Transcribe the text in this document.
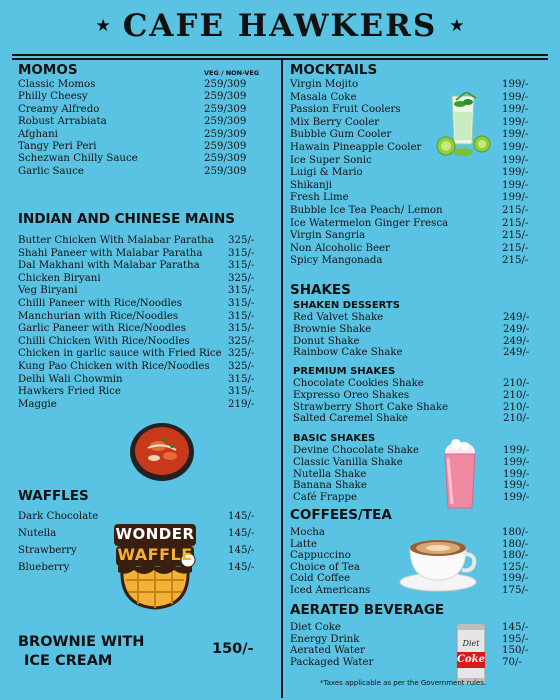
★ CAFE HAWKERS ★
MOMOS	VEG / NON-VEG
Classic Momos	259/309
Philly Cheesy	259/309
Creamy Alfredo	259/309
Robust Arrabiata	259/309
Afghani	259/309
Tangy Peri Peri	259/309
Schezwan Chilly Sauce	259/309
Garlic Sauce	259/309
INDIAN AND CHINESE MAINS
Butter Chicken With Malabar Paratha 325/-
Shahi Paneer with Malabar Paratha	315/-
Dal Makhani with Malabar Paratha	315/-
Chicken Biryani	325/-
Veg Biryani	315/-
Chilli Paneer with Rice/Noodles	315/-
Manchurian with Rice/Noodles	315/-
Garlic Paneer with Rice/Noodles	315/-
Chilli Chicken With Rice/Noodles	325/-
Chicken in garlic sauce with Fried Rice 325/-
Kung Pao Chicken with Rice/Noodles 325/-
Delhi Wali Chowmin	315/-
Hawkers Fried Rice	315/-
Maggie	219/-
WAFFLES
Dark Chocolate	145/-
Nutella	145/-
Strawberry	145/-
Blueberry	145/-
WONDER
WAFFLE
BROWNIE WITH
ICE CREAM
150/-
MOCKTAILS
Virgin Mojito	199/-
Masala Coke	199/-
Passion Fruit Coolers	199/-
Mix Berry Cooler	199/-
Bubble Gum Cooler	199/-
Hawain Pineapple Cooler	199/-
Ice Super Sonic	199/-
Luigi & Mario	199/-
Shikanji	199/-
Fresh Lime	199/-
Bubble Ice Tea Peach/ Lemon	215/-
Ice Watermelon Ginger Fresca	215/-
Virgin Sangria	215/-
Non Alcoholic Beer	215/-
Spicy Mangonada	215/-
SHAKES
SHAKEN DESSERTS
Red Valvet Shake	249/-
Brownie Shake	249/-
Donut Shake	249/-
Rainbow Cake Shake	249/-
PREMIUM SHAKES
Chocolate Cookies Shake	210/-
Expresso Oreo Shakes	210/-
Strawberry Short Cake Shake	210/-
Salted Caremel Shake	210/-
BASIC SHAKES
Devine Chocolate Shake	199/-
Classic Vanilla Shake	199/-
Nutella Shake	199/-
Banana Shake	199/-
Café Frappe	199/-
COFFEES/TEA
Mocha	180/-
Latte	180/-
Cappuccino	180/-
Choice of Tea	125/-
Cold Coffee	199/-
Iced Americans	175/-
AERATED BEVERAGE
Diet Coke	145/-
Energy Drink	195/-
Aerated Water	150/-
Packaged Water	70/-
Diet
Coke
*Taxes applicable as per the Government rules.
